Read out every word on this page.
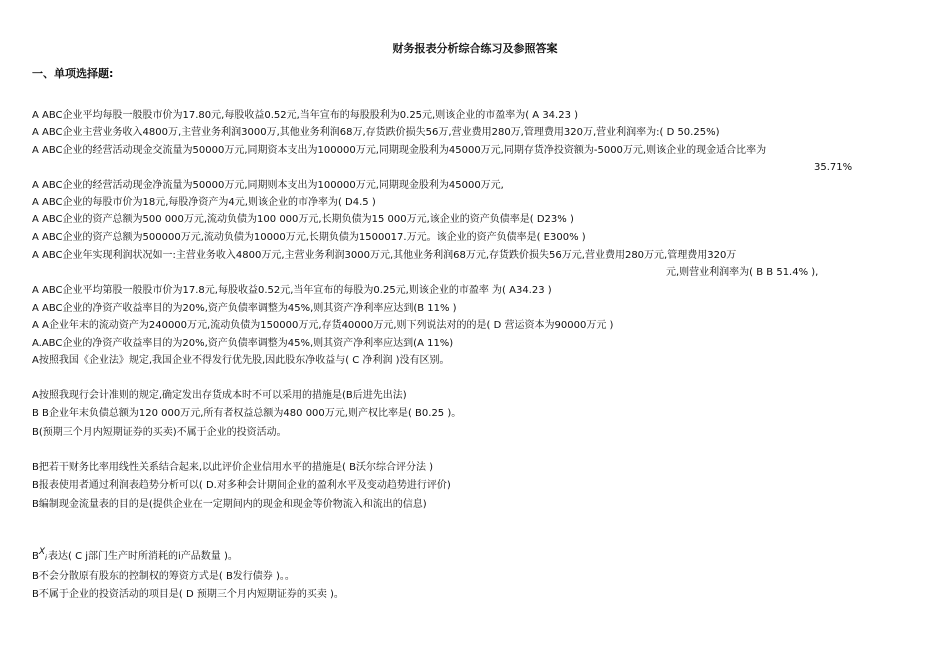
财务报表分析综合练习及参照答案
一、单项选择题:
A ABC企业平均每股一般股市价为17.80元,每股收益0.52元,当年宣布的每股股利为0.25元,则该企业的市盈率为( A 34.23 )
A ABC企业主营业务收入4800万,主营业务利润3000万,其他业务利润68万,存货跌价损失56万,营业费用280万,管理费用320万,营业利润率为:( D 50.25%)
A ABC企业的经营活动现金交流量为50000万元,同期资本支出为100000万元,同期现金股利为45000万元,同期存货净投资额为-5000万元,则该企业的现金适合比率为
35.71%
A ABC企业的经营活动现金净流量为50000万元,同期则本支出为100000万元,同期现金股利为45000万元,
A ABC企业的每股市价为18元,每股净资产为4元,则该企业的市净率为( D4.5 )
A ABC企业的资产总额为500 000万元,流动负债为100 000万元,长期负债为15 000万元,该企业的资产负债率是( D23% )
A ABC企业的资产总额为500000万元,流动负债为10000万元,长期负债为1500017.万元。该企业的资产负债率是( E300% )
A ABC企业年实现利润状况如一:主营业务收入4800万元,主营业务利润3000万元,其他业务利润68万元,存货跌价损失56万元,营业费用280万元,管理费用320万
元,则营业利润率为( B B 51.4% ),
A ABC企业平均第股一般股市价为17.8元,每股收益0.52元,当年宣布的每股为0.25元,则该企业的市盈率 为( A34.23 )
A ABC企业的净资产收益率目的为20%,资产负债率调整为45%,则其资产净利率应达到(B 11% )
A A企业年末的流动资产为240000万元,流动负债为150000万元,存货40000万元,则下列说法对的的是( D 营运资本为90000万元 )
A.ABC企业的净资产收益率目的为20%,资产负债率调整为45%,则其资产净利率应达到(A 11%)
A按照我国《企业法》规定,我国企业不得发行优先股,因此股东净收益与( C 净利润 )没有区别。
A按照我现行会计准则的规定,确定发出存货成本时不可以采用的措施是(B后进先出法)
B B企业年末负债总额为120 000万元,所有者权益总额为480 000万元,则产权比率是( B0.25 )。
B(预期三个月内短期证券的买卖)不属于企业的投资活动。
B把若干财务比率用线性关系结合起来,以此评价企业信用水平的措施是( B沃尔综合评分法 )
B报表使用者通过利润表趋势分析可以( D.对多种会计期间企业的盈利水平及变动趋势进行评价)
B编制现金流量表的目的是(提供企业在一定期间内的现金和现金等价物流入和流出的信息)
BXi表达( C j部门生产时所消耗的i产品数量 )。
B不会分散原有股东的控制权的筹资方式是( B发行债券 )。。
B不属于企业的投资活动的项目是( D 预期三个月内短期证券的买卖 )。
